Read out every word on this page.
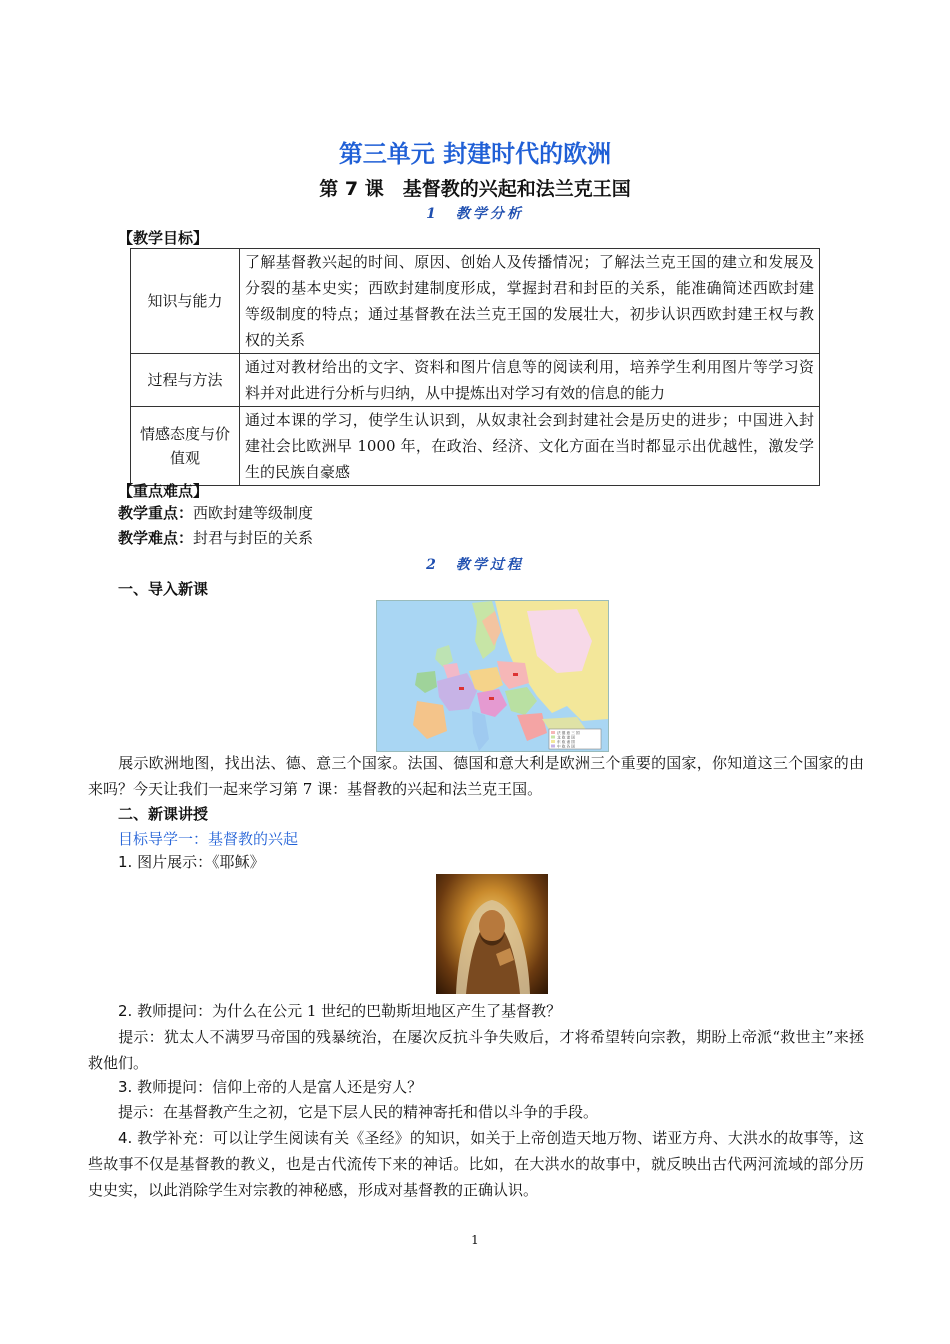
第三单元 封建时代的欧洲
第 7 课　基督教的兴起和法兰克王国
1　教学分析
【教学目标】
知识与能力	了解基督教兴起的时间、原因、创始人及传播情况；了解法兰克王国的建立和发展及分裂的基本史实；西欧封建制度形成，掌握封君和封臣的关系，能准确简述西欧封建等级制度的特点；通过基督教在法兰克王国的发展壮大，初步认识西欧封建王权与教权的关系
过程与方法	通过对教材给出的文字、资料和图片信息等的阅读利用，培养学生利用图片等学习资料并对此进行分析与归纳，从中提炼出对学习有效的信息的能力
情感态度与价值观	通过本课的学习，使学生认识到，从奴隶社会到封建社会是历史的进步；中国进入封建社会比欧洲早 1000 年，在政治、经济、文化方面在当时都显示出优越性，激发学生的民族自豪感
【重点难点】
教学重点：西欧封建等级制度
教学难点：封君与封臣的关系
2　教学过程
一、导入新课
法 德 意 三 国
北 欧 诸 国
东 欧 诸 国
中 欧 各 国
展示欧洲地图，找出法、德、意三个国家。法国、德国和意大利是欧洲三个重要的国家，你知道这三个国家的由来吗？今天让我们一起来学习第 7 课：基督教的兴起和法兰克王国。
二、新课讲授
目标导学一：基督教的兴起
1. 图片展示：《耶稣》
2. 教师提问：为什么在公元 1 世纪的巴勒斯坦地区产生了基督教？
提示：犹太人不满罗马帝国的残暴统治，在屡次反抗斗争失败后，才将希望转向宗教，期盼上帝派“救世主”来拯救他们。
3. 教师提问：信仰上帝的人是富人还是穷人？
提示：在基督教产生之初，它是下层人民的精神寄托和借以斗争的手段。
4. 教学补充：可以让学生阅读有关《圣经》的知识，如关于上帝创造天地万物、诺亚方舟、大洪水的故事等，这些故事不仅是基督教的教义，也是古代流传下来的神话。比如，在大洪水的故事中，就反映出古代两河流域的部分历史史实，以此消除学生对宗教的神秘感，形成对基督教的正确认识。
1
